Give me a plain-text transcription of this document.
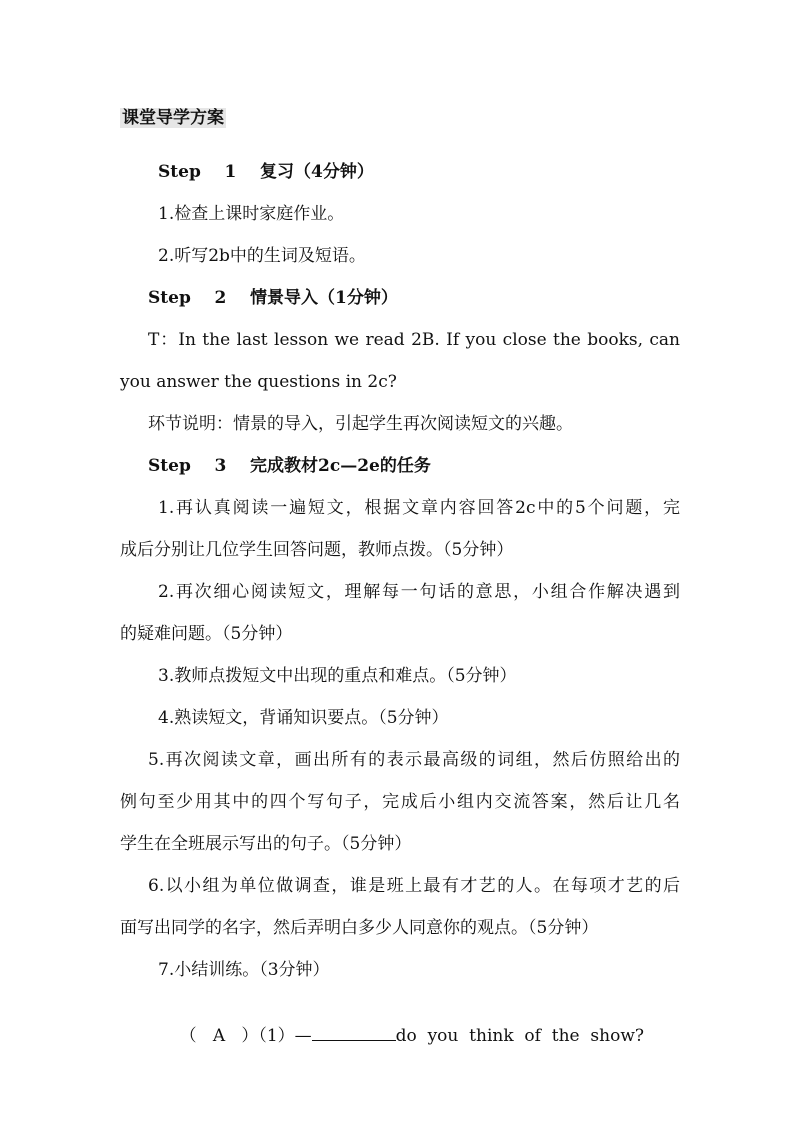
课堂导学方案
Step    1    复习（4分钟）
1.检查上课时家庭作业。
2.听写2b中的生词及短语。
Step    2    情景导入（1分钟）
T：In the last lesson we read 2B. If you close the books, can
you answer the questions in 2c?
环节说明：情景的导入，引起学生再次阅读短文的兴趣。
Step    3    完成教材2c—2e的任务
1.再认真阅读一遍短文，根据文章内容回答2c中的5个问题，完
成后分别让几位学生回答问题，教师点拨。（5分钟）
2.再次细心阅读短文，理解每一句话的意思，小组合作解决遇到
的疑难问题。（5分钟）
3.教师点拨短文中出现的重点和难点。（5分钟）
4.熟读短文，背诵知识要点。（5分钟）
5.再次阅读文章，画出所有的表示最高级的词组，然后仿照给出的
例句至少用其中的四个写句子，完成后小组内交流答案，然后让几名
学生在全班展示写出的句子。（5分钟）
6.以小组为单位做调查，谁是班上最有才艺的人。在每项才艺的后
面写出同学的名字，然后弄明白多少人同意你的观点。（5分钟）
7.小结训练。（3分钟）

（   A   ）（1）—	do  you  think  of  the  show?
